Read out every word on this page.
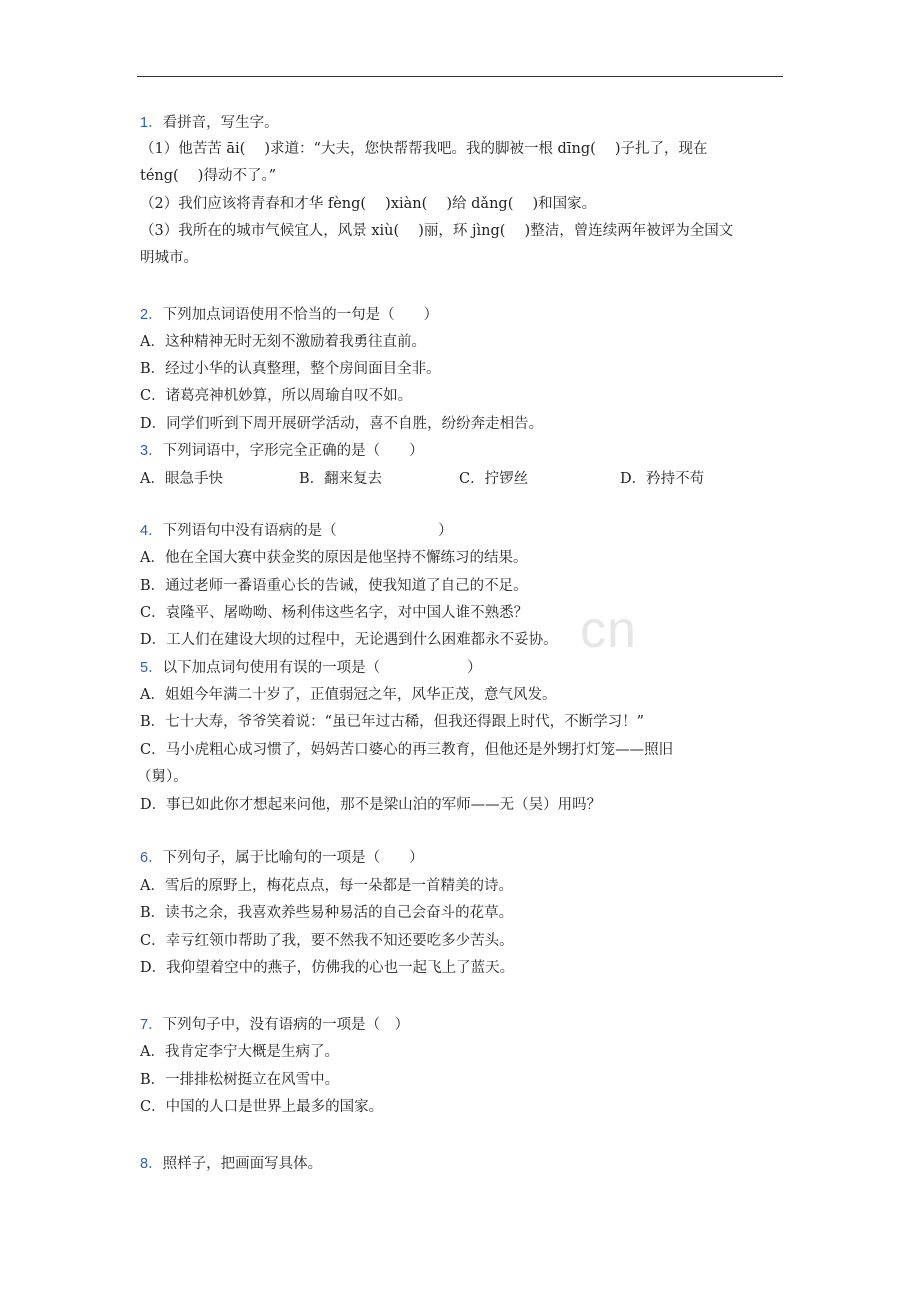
cn
1．看拼音，写生字。
（1）他苦苦 āi(　 )求道：“大夫，您快帮帮我吧。我的脚被一根 dīng(　 )子扎了，现在
téng(　 )得动不了。”
（2）我们应该将青春和才华 fèng(　 )xiàn(　 )给 dǎng(　 )和国家。
（3）我所在的城市气候宜人，风景 xiù(　 )丽，环 jìng(　 )整洁，曾连续两年被评为全国文
明城市。
2．下列加点词语使用不恰当的一句是（　　）
A．这种精神无时无刻不激励着我勇往直前。
B．经过小华的认真整理，整个房间面目全非。
C．诸葛亮神机妙算，所以周瑜自叹不如。
D．同学们听到下周开展研学活动，喜不自胜，纷纷奔走相告。
3．下列词语中，字形完全正确的是（　　）
A．眼急手快	B．翻来复去	C．拧锣丝	D．矜持不苟
4．下列语句中没有语病的是（　　　　　　　）
A．他在全国大赛中获金奖的原因是他坚持不懈练习的结果。
B．通过老师一番语重心长的告诫，使我知道了自己的不足。
C．袁隆平、屠呦呦、杨利伟这些名字，对中国人谁不熟悉？
D．工人们在建设大坝的过程中，无论遇到什么困难都永不妥协。
5．以下加点词句使用有误的一项是（　　　　　　）
A．姐姐今年满二十岁了，正值弱冠之年，风华正茂，意气风发。
B．七十大寿，爷爷笑着说：“虽已年过古稀，但我还得跟上时代，不断学习！”
C．马小虎粗心成习惯了，妈妈苦口婆心的再三教育，但他还是外甥打灯笼——照旧
（舅）。
D．事已如此你才想起来问他，那不是梁山泊的军师——无（吴）用吗？
6．下列句子，属于比喻句的一项是（　　）
A．雪后的原野上，梅花点点，每一朵都是一首精美的诗。
B．读书之余，我喜欢养些易种易活的自己会奋斗的花草。
C．幸亏红领巾帮助了我，要不然我不知还要吃多少苦头。
D．我仰望着空中的燕子，仿佛我的心也一起飞上了蓝天。
7．下列句子中，没有语病的一项是（　）
A．我肯定李宁大概是生病了。
B．一排排松树挺立在风雪中。
C．中国的人口是世界上最多的国家。
8．照样子，把画面写具体。
